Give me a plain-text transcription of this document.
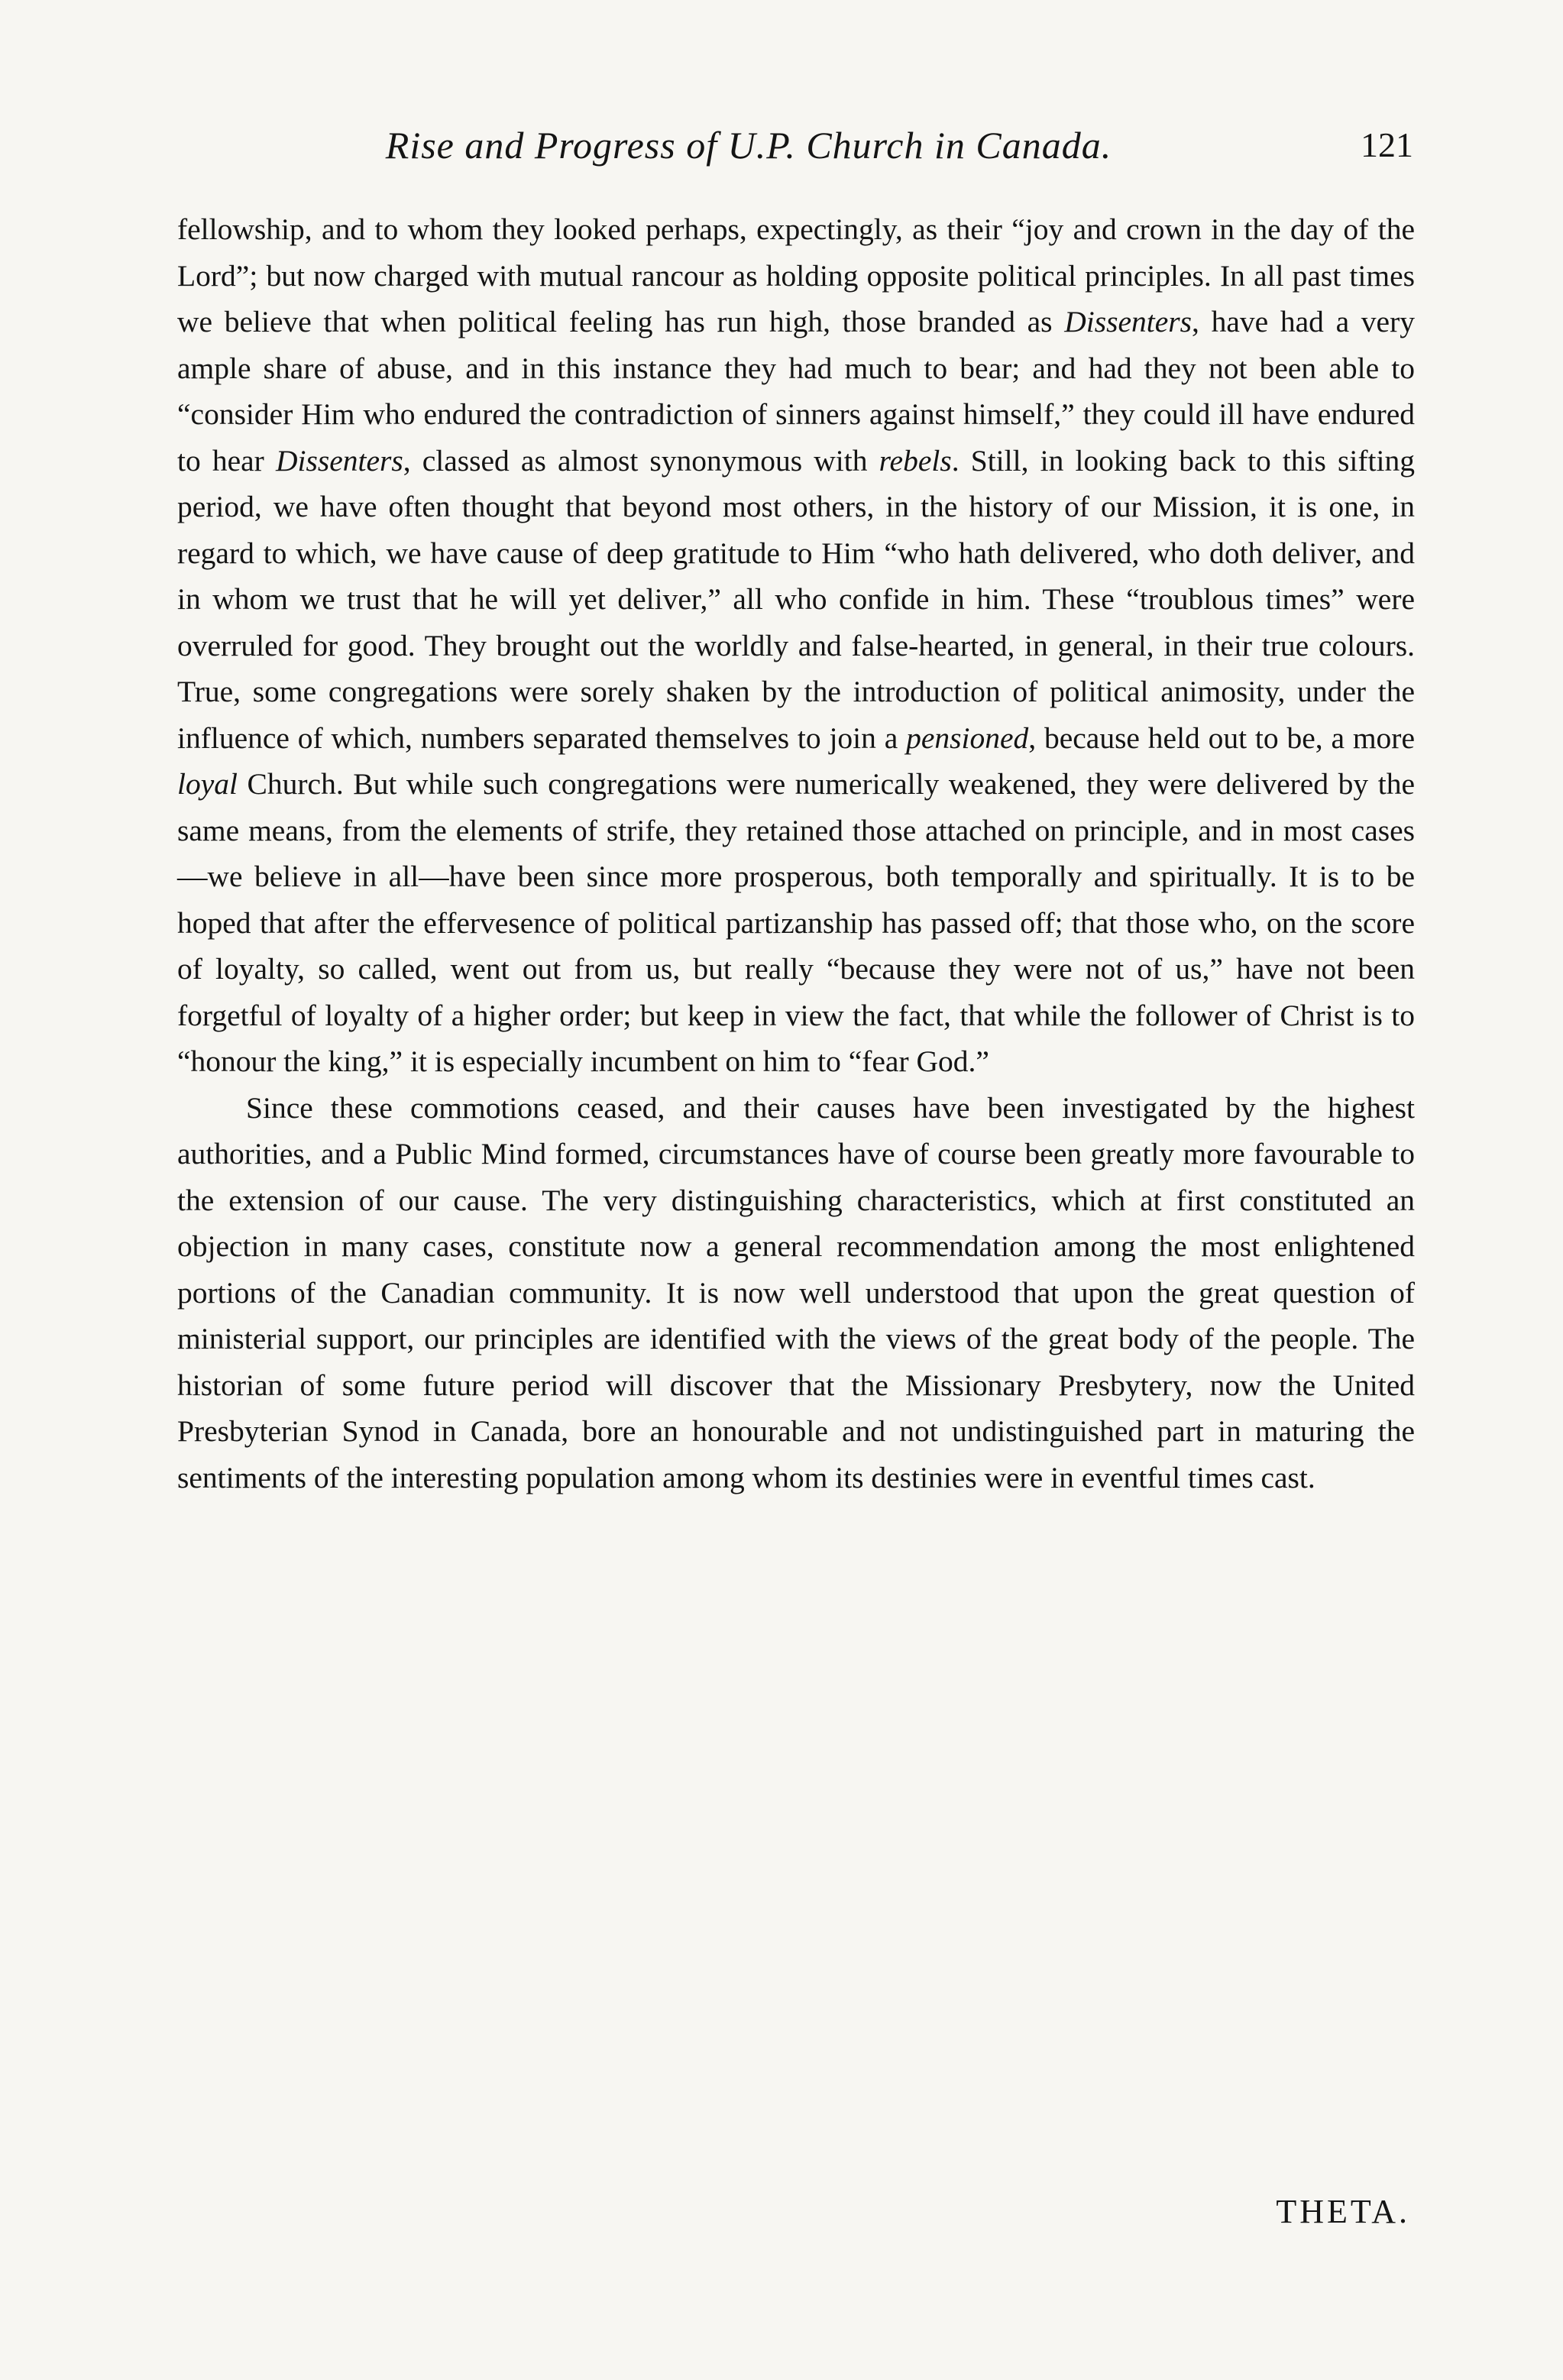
Rise and Progress of U.P. Church in Canada.	121

fellowship, and to whom they looked perhaps, expectingly, as their “joy and crown in the day of the Lord”; but now charged with mutual rancour as holding opposite political principles. In all past times we believe that when political feeling has run high, those branded as Dissenters, have had a very ample share of abuse, and in this instance they had much to bear; and had they not been able to “consider Him who endured the contradiction of sinners against himself,” they could ill have endured to hear Dissenters, classed as almost synonymous with rebels. Still, in looking back to this sifting period, we have often thought that beyond most others, in the history of our Mission, it is one, in regard to which, we have cause of deep gratitude to Him “who hath delivered, who doth deliver, and in whom we trust that he will yet deliver,” all who confide in him. These “troublous times” were overruled for good. They brought out the worldly and false-hearted, in general, in their true colours. True, some congregations were sorely shaken by the introduction of political animosity, under the influence of which, numbers separated themselves to join a pensioned, because held out to be, a more loyal Church. But while such congregations were numerically weakened, they were delivered by the same means, from the elements of strife, they retained those attached on principle, and in most cases—we believe in all—have been since more prosperous, both temporally and spiritually. It is to be hoped that after the effervesence of political partizanship has passed off; that those who, on the score of loyalty, so called, went out from us, but really “because they were not of us,” have not been forgetful of loyalty of a higher order; but keep in view the fact, that while the follower of Christ is to “honour the king,” it is especially incumbent on him to “fear God.”

Since these commotions ceased, and their causes have been investigated by the highest authorities, and a Public Mind formed, circumstances have of course been greatly more favourable to the extension of our cause. The very distinguishing characteristics, which at first constituted an objection in many cases, constitute now a general recommendation among the most enlightened portions of the Canadian community. It is now well understood that upon the great question of ministerial support, our principles are identified with the views of the great body of the people. The historian of some future period will discover that the Missionary Presbytery, now the United Presbyterian Synod in Canada, bore an honourable and not undistinguished part in maturing the sentiments of the interesting population among whom its destinies were in eventful times cast.

THETA.
